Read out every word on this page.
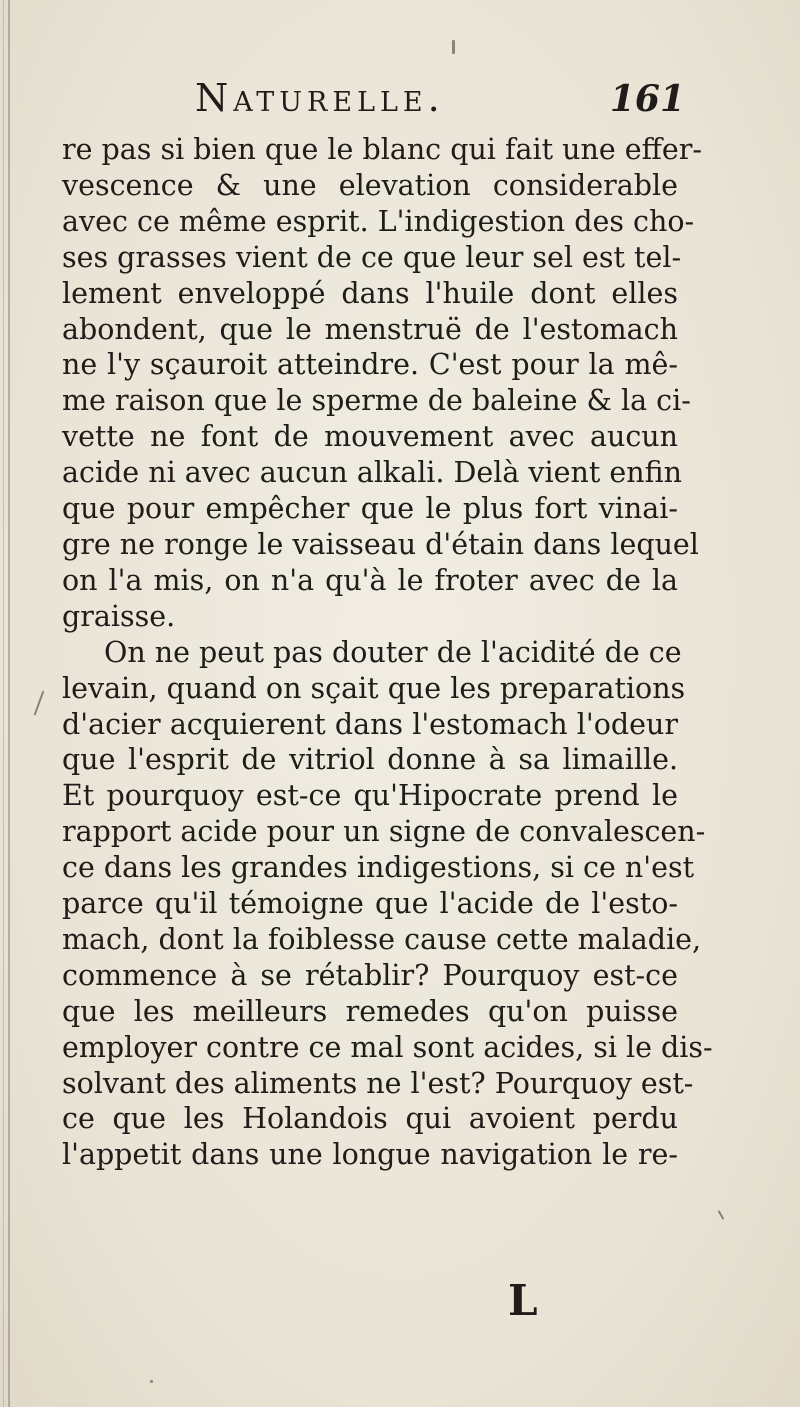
Naturelle.	161
re pas si bien que le blanc qui fait une effer-
vescence & une elevation considerable
avec ce même esprit. L'indigestion des cho-
ses grasses vient de ce que leur sel est tel-
lement enveloppé dans l'huile dont elles
abondent, que le menstruë de l'estomach
ne l'y sçauroit atteindre. C'est pour la mê-
me raison que le sperme de baleine & la ci-
vette ne font de mouvement avec aucun
acide ni avec aucun alkali. Delà vient enfin
que pour empêcher que le plus fort vinai-
gre ne ronge le vaisseau d'étain dans lequel
on l'a mis, on n'a qu'à le froter avec de la
graisse.
On ne peut pas douter de l'acidité de ce
levain, quand on sçait que les preparations
d'acier acquierent dans l'estomach l'odeur
que l'esprit de vitriol donne à sa limaille.
Et pourquoy est-ce qu'Hipocrate prend le
rapport acide pour un signe de convalescen-
ce dans les grandes indigestions, si ce n'est
parce qu'il témoigne que l'acide de l'esto-
mach, dont la foiblesse cause cette maladie,
commence à se rétablir? Pourquoy est-ce
que les meilleurs remedes qu'on puisse
employer contre ce mal sont acides, si le dis-
solvant des aliments ne l'est? Pourquoy est-
ce que les Holandois qui avoient perdu
l'appetit dans une longue navigation le re-
L
